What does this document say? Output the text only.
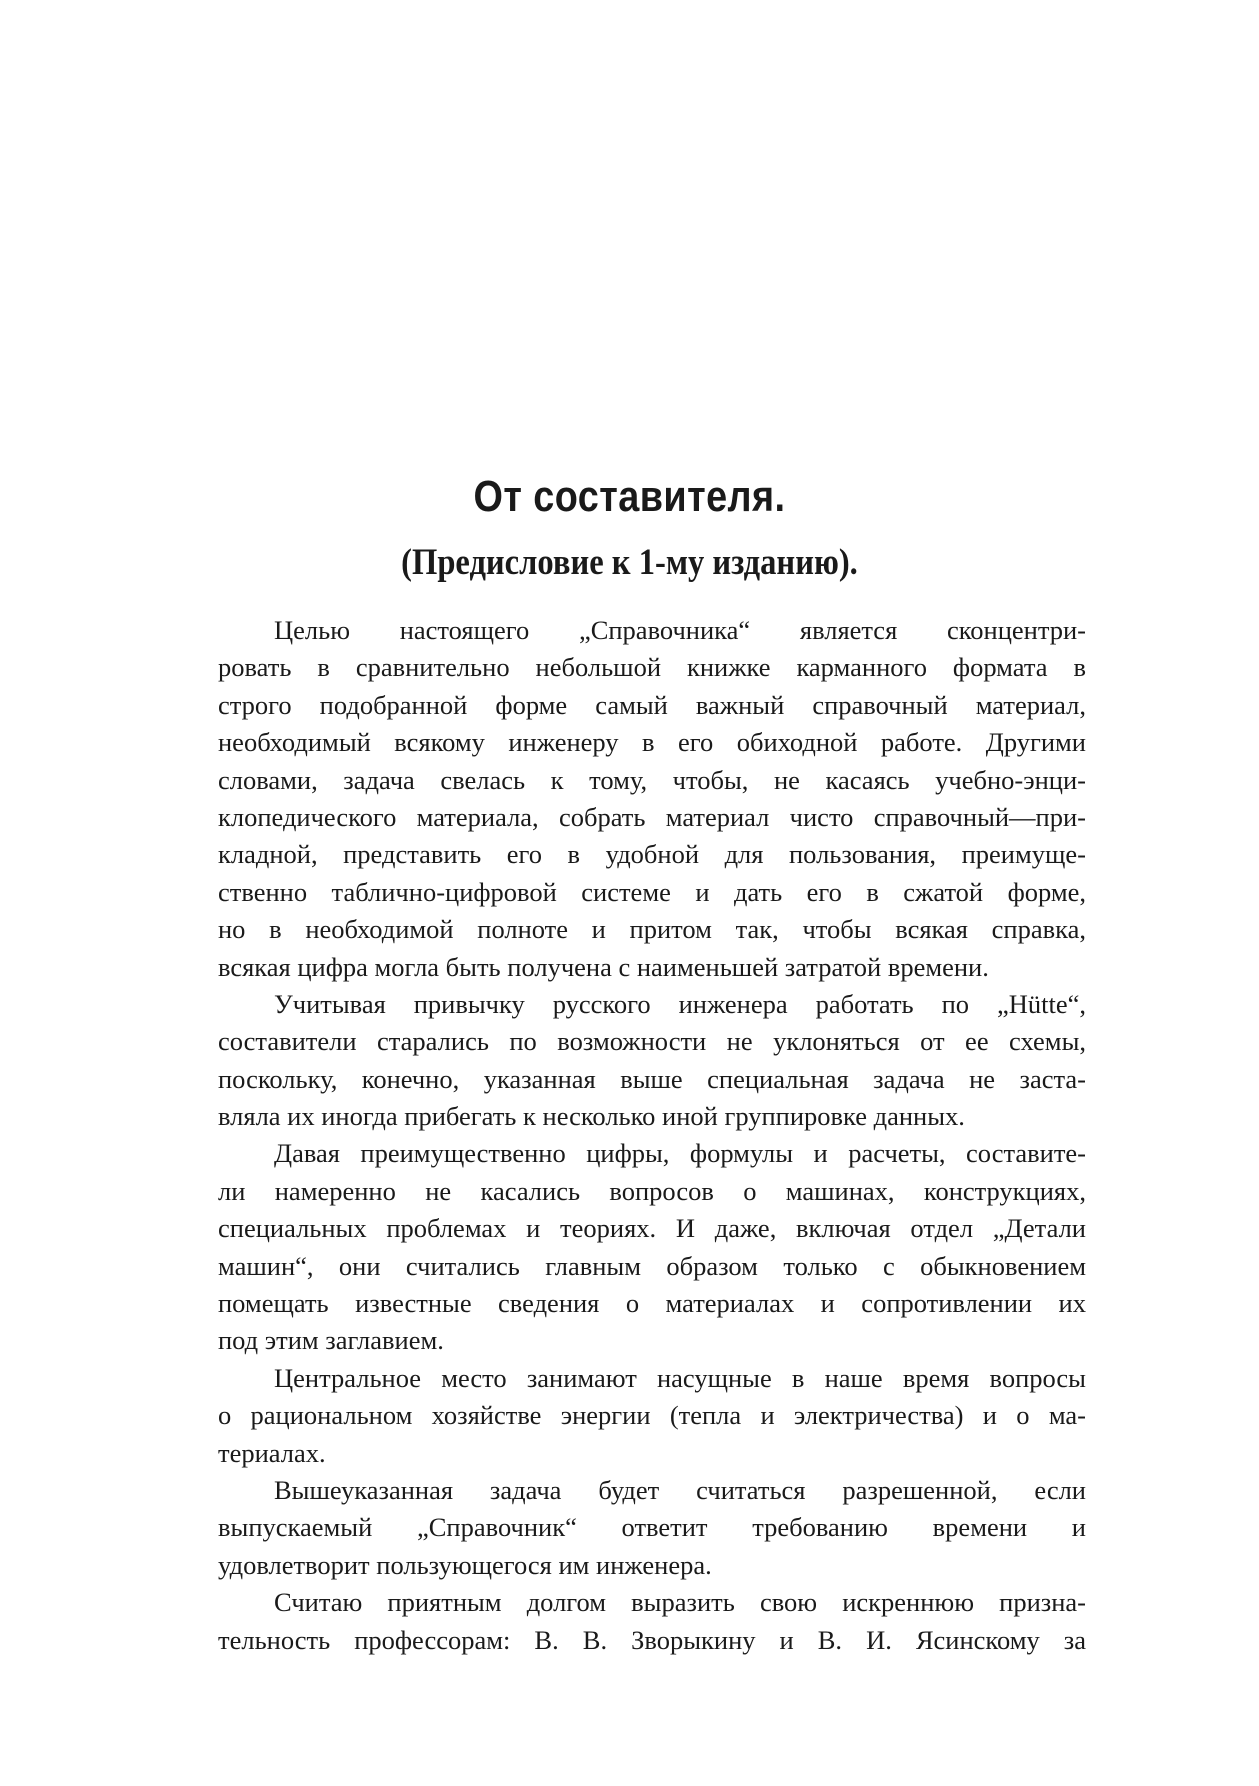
От составителя.
(Предисловие к 1-му изданию).
Целью настоящего „Справочника“ является сконцентри-
ровать в сравнительно небольшой книжке карманного формата в
строго подобранной форме самый важный справочный материал,
необходимый всякому инженеру в его обиходной работе. Другими
словами, задача свелась к тому, чтобы, не касаясь учебно-энци-
клопедического материала, собрать материал чисто справочный—при-
кладной, представить его в удобной для пользования, преимуще-
ственно таблично-цифровой системе и дать его в сжатой форме,
но в необходимой полноте и притом так, чтобы всякая справка,
всякая цифра могла быть получена с наименьшей затратой времени.
Учитывая привычку русского инженера работать по „Hütte“,
составители старались по возможности не уклоняться от ее схемы,
поскольку, конечно, указанная выше специальная задача не заста-
вляла их иногда прибегать к несколько иной группировке данных.
Давая преимущественно цифры, формулы и расчеты, составите-
ли намеренно не касались вопросов о машинах, конструкциях,
специальных проблемах и теориях. И даже, включая отдел „Детали
машин“, они считались главным образом только с обыкновением
помещать известные сведения о материалах и сопротивлении их
под этим заглавием.
Центральное место занимают насущные в наше время вопросы
о рациональном хозяйстве энергии (тепла и электричества) и о ма-
териалах.
Вышеуказанная задача будет считаться разрешенной, если
выпускаемый „Справочник“ ответит требованию времени и
удовлетворит пользующегося им инженера.
Считаю приятным долгом выразить свою искреннюю призна-
тельность профессорам: В. В. Зворыкину и В. И. Ясинскому за
